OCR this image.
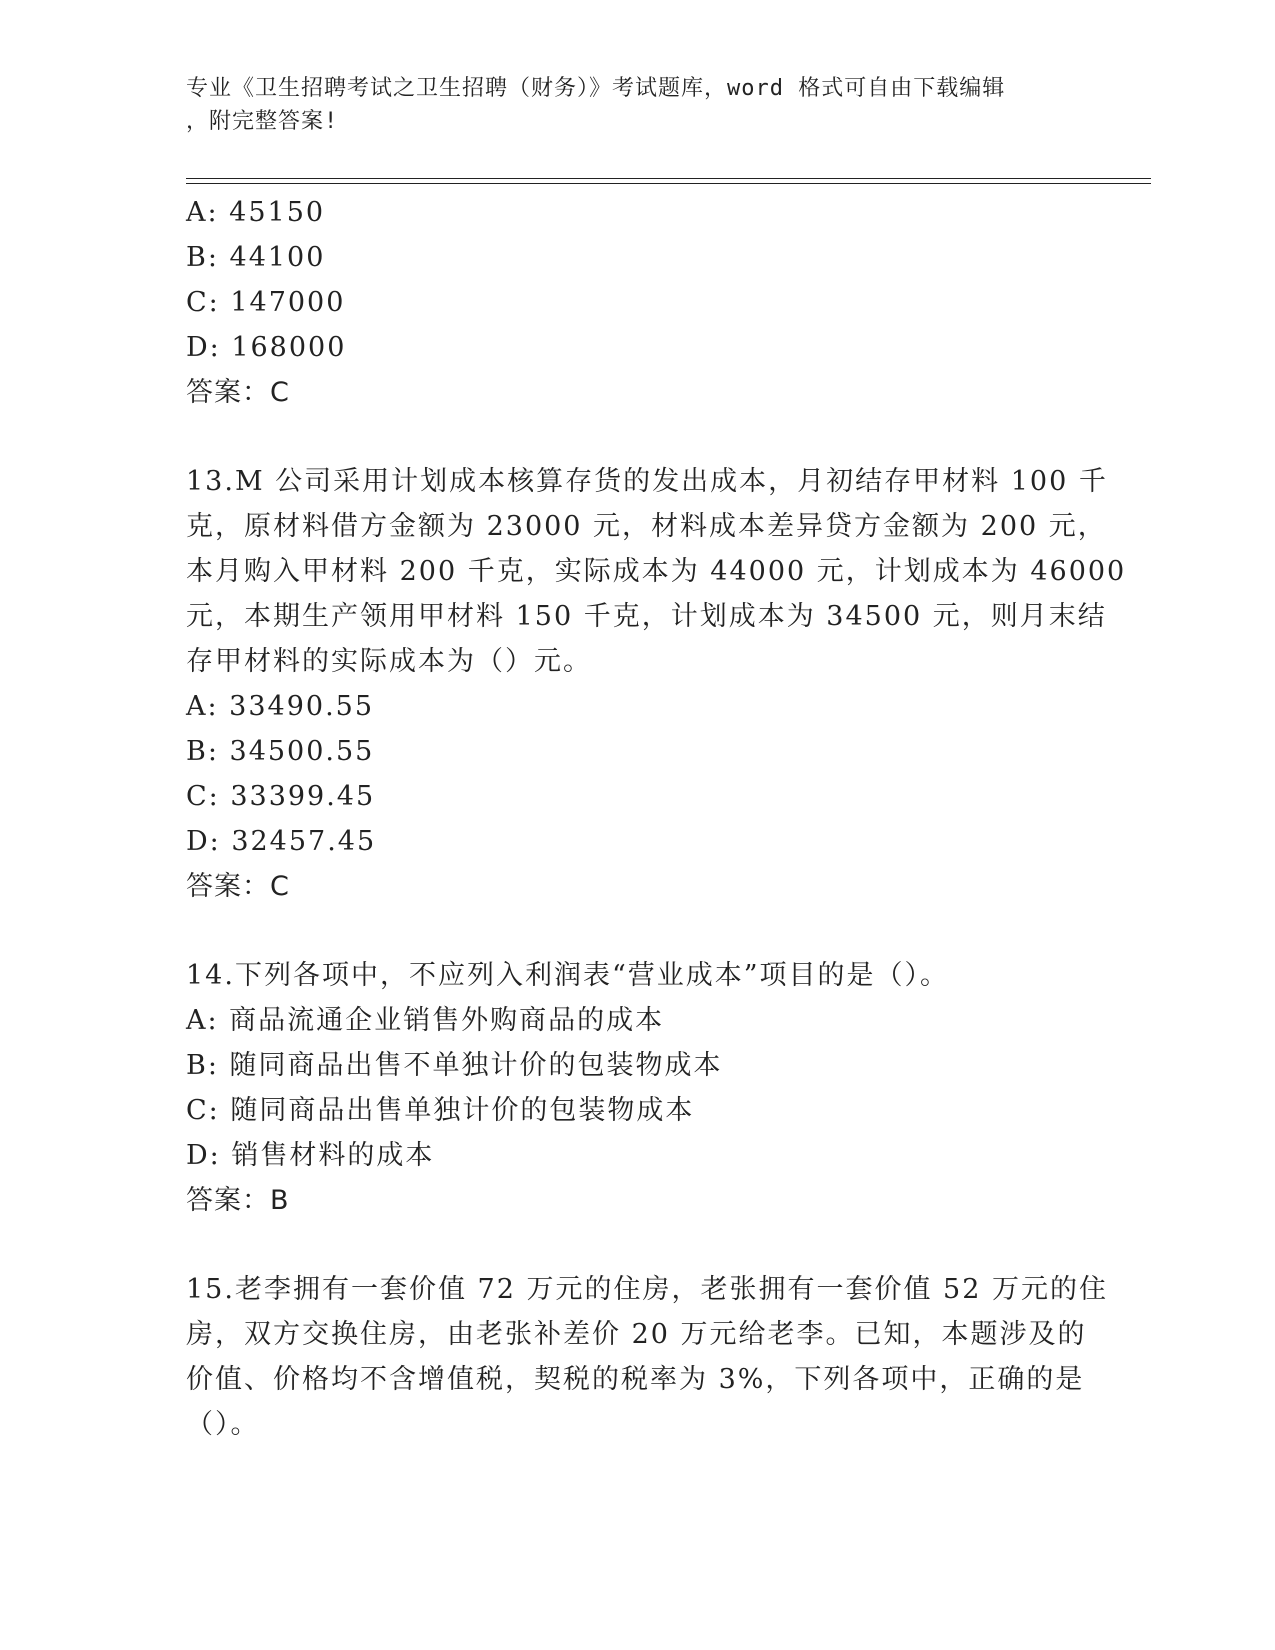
专业《卫生招聘考试之卫生招聘（财务）》考试题库，word 格式可自由下载编辑
，附完整答案!
A: 45150
B: 44100
C: 147000
D: 168000
答案：C
13.M 公司采用计划成本核算存货的发出成本，月初结存甲材料 100 千
克，原材料借方金额为 23000 元，材料成本差异贷方金额为 200 元，
本月购入甲材料 200 千克，实际成本为 44000 元，计划成本为 46000
元，本期生产领用甲材料 150 千克，计划成本为 34500 元，则月末结
存甲材料的实际成本为（）元。
A: 33490.55
B: 34500.55
C: 33399.45
D: 32457.45
答案：C
14.下列各项中，不应列入利润表“营业成本”项目的是（）。
A: 商品流通企业销售外购商品的成本
B: 随同商品出售不单独计价的包装物成本
C: 随同商品出售单独计价的包装物成本
D: 销售材料的成本
答案：B
15.老李拥有一套价值 72 万元的住房，老张拥有一套价值 52 万元的住
房，双方交换住房，由老张补差价 20 万元给老李。已知，本题涉及的
价值、价格均不含增值税，契税的税率为 3%，下列各项中，正确的是
（）。
